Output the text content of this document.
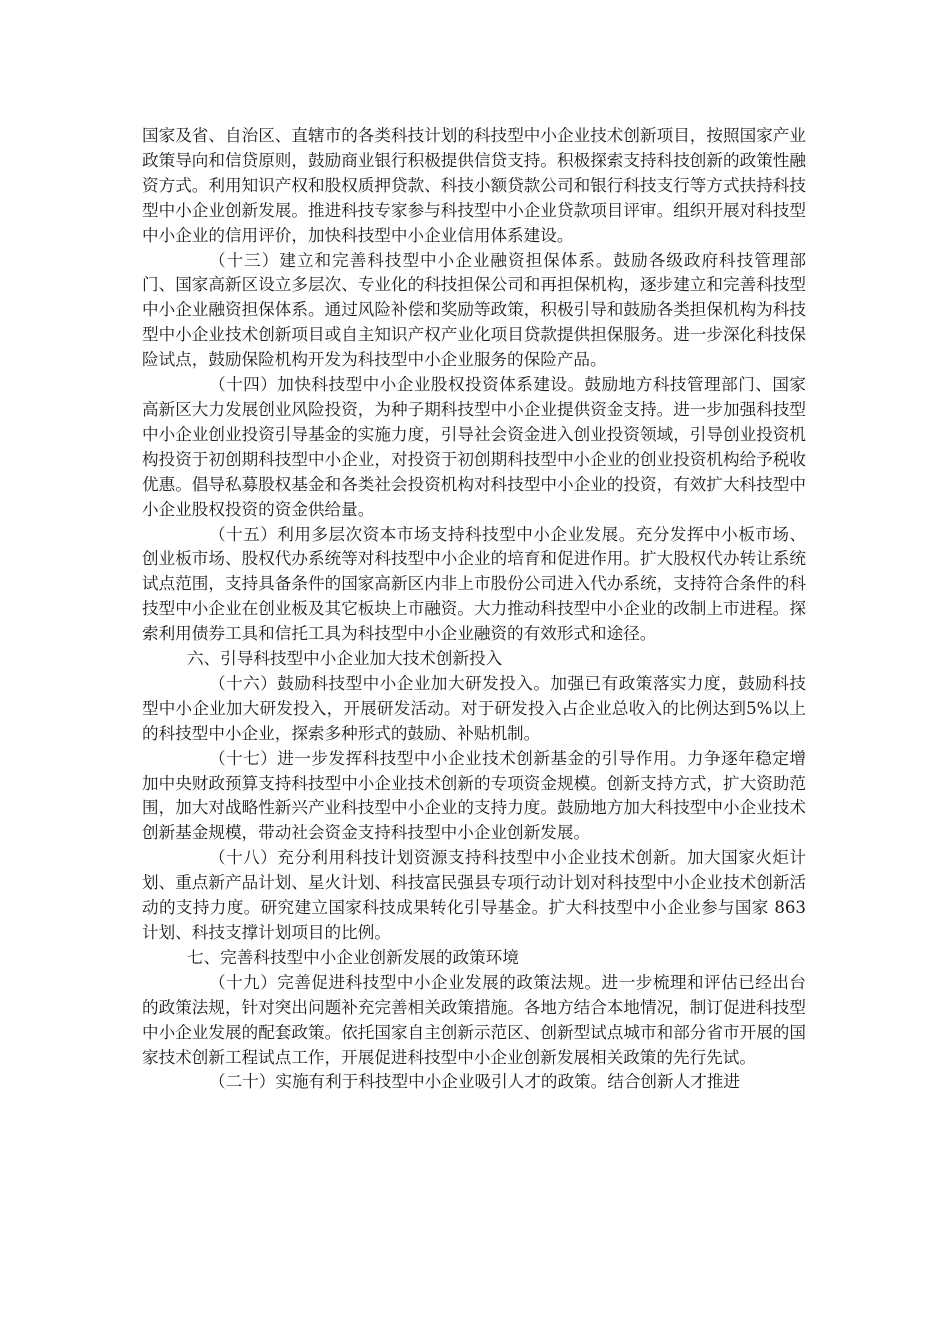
国家及省、自治区、直辖市的各类科技计划的科技型中小企业技术创新项目，按照国家产业政策导向和信贷原则，鼓励商业银行积极提供信贷支持。积极探索支持科技创新的政策性融资方式。利用知识产权和股权质押贷款、科技小额贷款公司和银行科技支行等方式扶持科技型中小企业创新发展。推进科技专家参与科技型中小企业贷款项目评审。组织开展对科技型中小企业的信用评价，加快科技型中小企业信用体系建设。

（十三）建立和完善科技型中小企业融资担保体系。鼓励各级政府科技管理部门、国家高新区设立多层次、专业化的科技担保公司和再担保机构，逐步建立和完善科技型中小企业融资担保体系。通过风险补偿和奖励等政策，积极引导和鼓励各类担保机构为科技型中小企业技术创新项目或自主知识产权产业化项目贷款提供担保服务。进一步深化科技保险试点，鼓励保险机构开发为科技型中小企业服务的保险产品。

（十四）加快科技型中小企业股权投资体系建设。鼓励地方科技管理部门、国家高新区大力发展创业风险投资，为种子期科技型中小企业提供资金支持。进一步加强科技型中小企业创业投资引导基金的实施力度，引导社会资金进入创业投资领域，引导创业投资机构投资于初创期科技型中小企业，对投资于初创期科技型中小企业的创业投资机构给予税收优惠。倡导私募股权基金和各类社会投资机构对科技型中小企业的投资，有效扩大科技型中小企业股权投资的资金供给量。

（十五）利用多层次资本市场支持科技型中小企业发展。充分发挥中小板市场、创业板市场、股权代办系统等对科技型中小企业的培育和促进作用。扩大股权代办转让系统试点范围，支持具备条件的国家高新区内非上市股份公司进入代办系统，支持符合条件的科技型中小企业在创业板及其它板块上市融资。大力推动科技型中小企业的改制上市进程。探索利用债券工具和信托工具为科技型中小企业融资的有效形式和途径。

六、引导科技型中小企业加大技术创新投入

（十六）鼓励科技型中小企业加大研发投入。加强已有政策落实力度，鼓励科技型中小企业加大研发投入，开展研发活动。对于研发投入占企业总收入的比例达到5%以上的科技型中小企业，探索多种形式的鼓励、补贴机制。

（十七）进一步发挥科技型中小企业技术创新基金的引导作用。力争逐年稳定增加中央财政预算支持科技型中小企业技术创新的专项资金规模。创新支持方式，扩大资助范围，加大对战略性新兴产业科技型中小企业的支持力度。鼓励地方加大科技型中小企业技术创新基金规模，带动社会资金支持科技型中小企业创新发展。

（十八）充分利用科技计划资源支持科技型中小企业技术创新。加大国家火炬计划、重点新产品计划、星火计划、科技富民强县专项行动计划对科技型中小企业技术创新活动的支持力度。研究建立国家科技成果转化引导基金。扩大科技型中小企业参与国家 863 计划、科技支撑计划项目的比例。

七、完善科技型中小企业创新发展的政策环境

（十九）完善促进科技型中小企业发展的政策法规。进一步梳理和评估已经出台的政策法规，针对突出问题补充完善相关政策措施。各地方结合本地情况，制订促进科技型中小企业发展的配套政策。依托国家自主创新示范区、创新型试点城市和部分省市开展的国家技术创新工程试点工作，开展促进科技型中小企业创新发展相关政策的先行先试。

（二十）实施有利于科技型中小企业吸引人才的政策。结合创新人才推进
